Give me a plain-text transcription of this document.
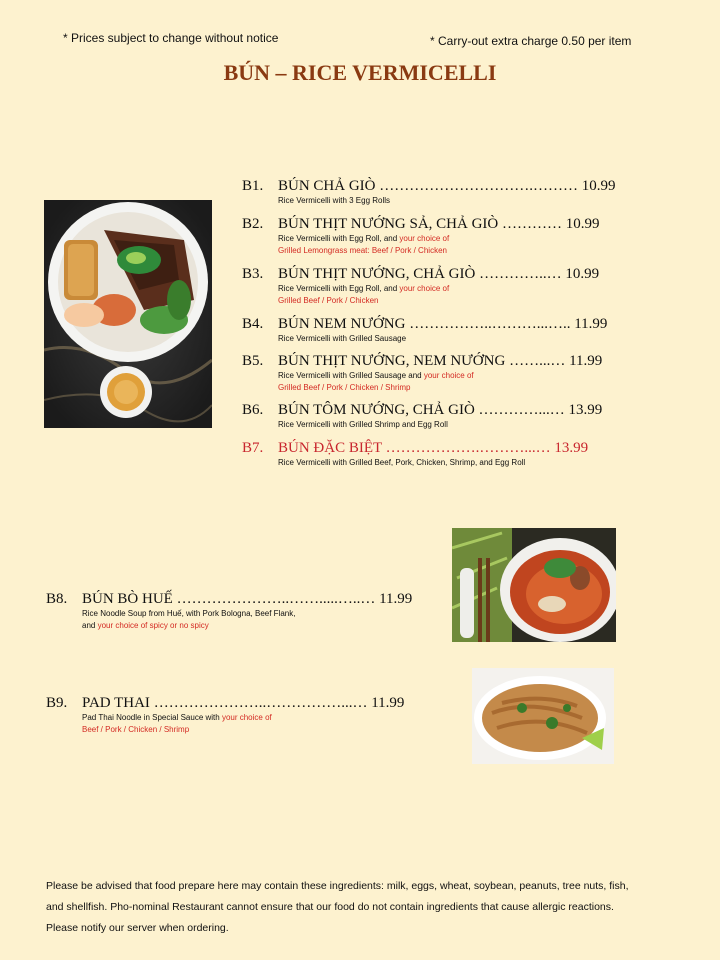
* Prices subject to change without notice	* Carry-out extra charge 0.50 per item
BÚN – RICE VERMICELLI
B1. BÚN CHẢ GIÒ ………………………….……… 10.99
Rice Vermicelli with 3 Egg Rolls
B2. BÚN THỊT NƯỚNG SẢ, CHẢ GIÒ ………… 10.99
Rice Vermicelli with Egg Roll, and your choice of
Grilled Lemongrass meat: Beef / Pork / Chicken
B3. BÚN THỊT NƯỚNG, CHẢ GIÒ …………..… 10.99
Rice Vermicelli with Egg Roll, and your choice of
Grilled Beef / Pork / Chicken
B4. BÚN NEM NƯỚNG ……………..………...….. 11.99
Rice Vermicelli with Grilled Sausage
B5. BÚN THỊT NƯỚNG, NEM NƯỚNG ……...… 11.99
Rice Vermicelli with Grilled Sausage and your choice of
Grilled Beef / Pork / Chicken / Shrimp
B6. BÚN TÔM NƯỚNG, CHẢ GIÒ …………...… 13.99
Rice Vermicelli with Grilled Shrimp and Egg Roll
B7. BÚN ĐẶC BIỆT ……………….………...… 13.99
Rice Vermicelli with Grilled Beef, Pork, Chicken, Shrimp, and Egg Roll
B8. BÚN BÒ HUẾ …………………..…….....…..… 11.99
Rice Noodle Soup from Huế, with Pork Bologna, Beef Flank,
and your choice of spicy or no spicy
B9. PAD THAI …………………..……………...… 11.99
Pad Thai Noodle in Special Sauce with your choice of
Beef / Pork / Chicken / Shrimp

Please be advised that food prepare here may contain these ingredients: milk, eggs, wheat, soybean, peanuts, tree nuts, fish,

and shellfish. Pho-nominal Restaurant cannot ensure that our food do not contain ingredients that cause allergic reactions.

Please notify our server when ordering.
